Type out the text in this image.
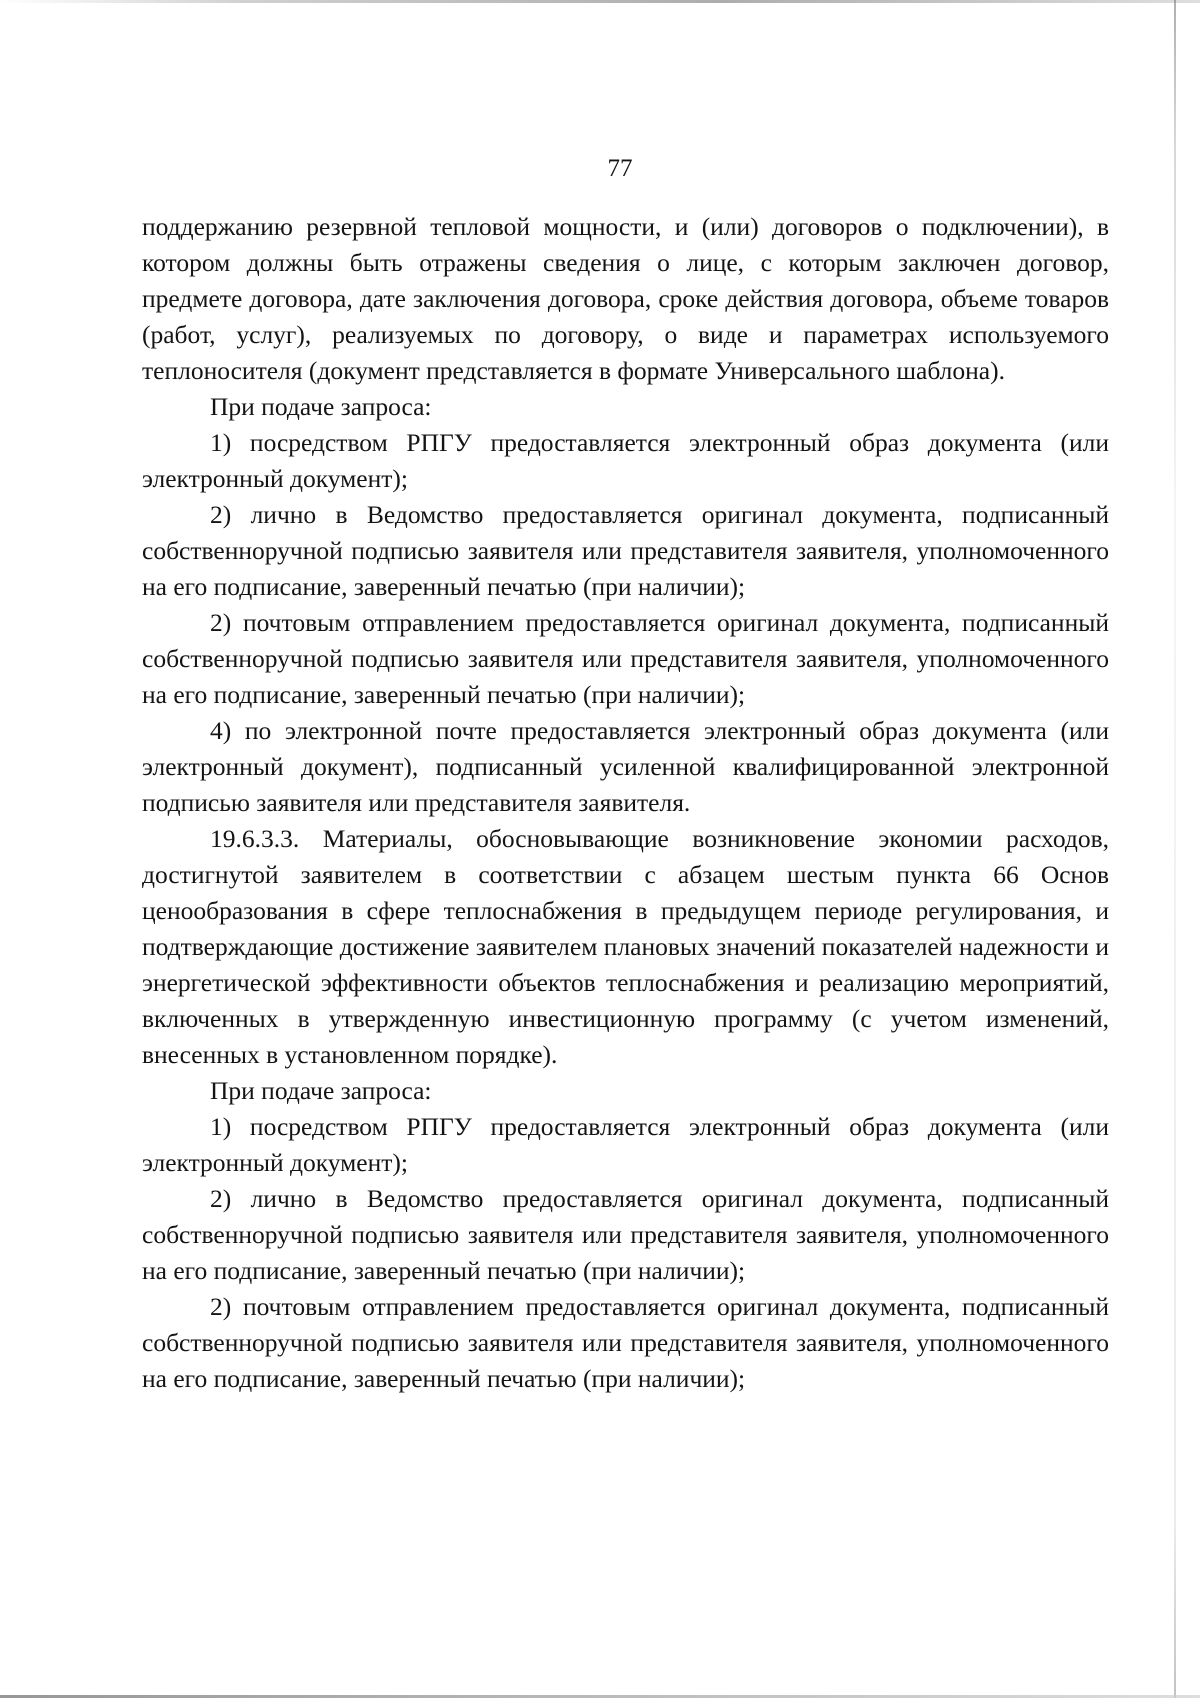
77

поддержанию резервной тепловой мощности, и (или) договоров о подключении), в котором должны быть отражены сведения о лице, с которым заключен договор, предмете договора, дате заключения договора, сроке действия договора, объеме товаров (работ, услуг), реализуемых по договору, о виде и параметрах используемого теплоносителя (документ представляется в формате Универсального шаблона).

При подаче запроса:

1) посредством РПГУ предоставляется электронный образ документа (или электронный документ);

2) лично в Ведомство предоставляется оригинал документа, подписанный собственноручной подписью заявителя или представителя заявителя, уполномоченного на его подписание, заверенный печатью (при наличии);

2) почтовым отправлением предоставляется оригинал документа, подписанный собственноручной подписью заявителя или представителя заявителя, уполномоченного на его подписание, заверенный печатью (при наличии);

4) по электронной почте предоставляется электронный образ документа (или электронный документ), подписанный усиленной квалифицированной электронной подписью заявителя или представителя заявителя.

19.6.3.3. Материалы, обосновывающие возникновение экономии расходов, достигнутой заявителем в соответствии с абзацем шестым пункта 66 Основ ценообразования в сфере теплоснабжения в предыдущем периоде регулирования, и подтверждающие достижение заявителем плановых значений показателей надежности и энергетической эффективности объектов теплоснабжения и реализацию мероприятий, включенных в утвержденную инвестиционную программу (с учетом изменений, внесенных в установленном порядке).

При подаче запроса:

1) посредством РПГУ предоставляется электронный образ документа (или электронный документ);

2) лично в Ведомство предоставляется оригинал документа, подписанный собственноручной подписью заявителя или представителя заявителя, уполномоченного на его подписание, заверенный печатью (при наличии);

2) почтовым отправлением предоставляется оригинал документа, подписанный собственноручной подписью заявителя или представителя заявителя, уполномоченного на его подписание, заверенный печатью (при наличии);
